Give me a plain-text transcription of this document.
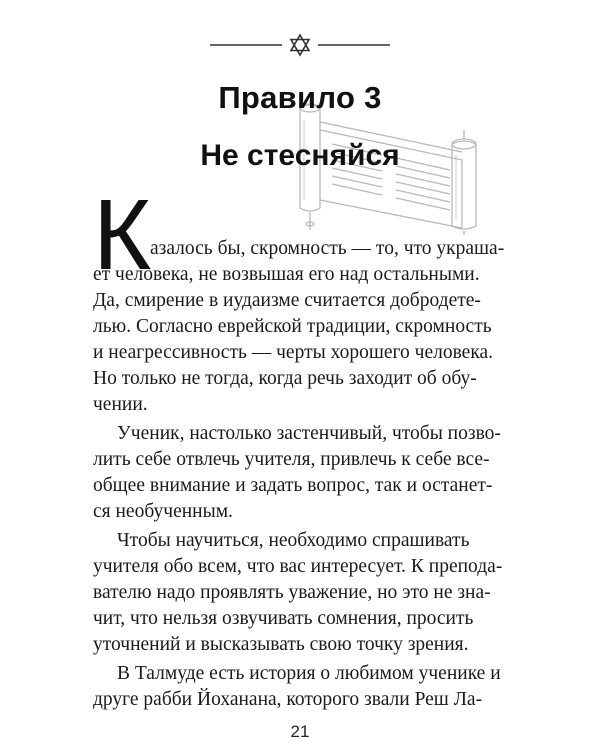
Правило 3
Не стесняйся
К
21
азалось бы, скромность — то, что украша-
ет человека, не возвышая его над остальными.
Да, смирение в иудаизме считается добродете-
лью. Согласно еврейской традиции, скромность
и неагрессивность — черты хорошего человека.
Но только не тогда, когда речь заходит об обу-
чении.
Ученик, настолько застенчивый, чтобы позво-
лить себе отвлечь учителя, привлечь к себе все-
общее внимание и задать вопрос, так и останет-
ся необученным.
Чтобы научиться, необходимо спрашивать
учителя обо всем, что вас интересует. К препода-
вателю надо проявлять уважение, но это не зна-
чит, что нельзя озвучивать сомнения, просить
уточнений и высказывать свою точку зрения.
В Талмуде есть история о любимом ученике и
друге рабби Йоханана, которого звали Реш Ла-
